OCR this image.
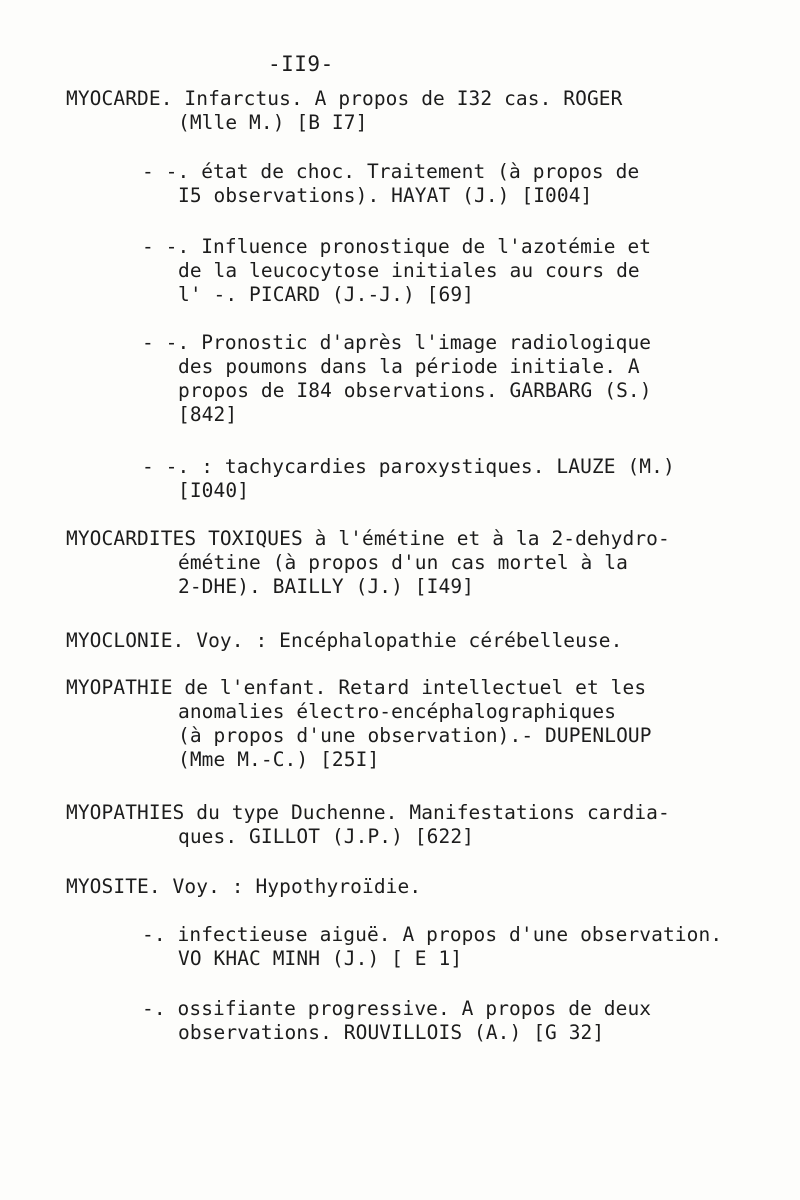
-II9-
MYOCARDE. Infarctus. A propos de I32 cas. ROGER
(Mlle M.) [B I7]
- -. état de choc. Traitement (à propos de
I5 observations). HAYAT (J.) [I004]
- -. Influence pronostique de l'azotémie et
de la leucocytose initiales au cours de
l' -. PICARD (J.-J.) [69]
- -. Pronostic d'après l'image radiologique
des poumons dans la période initiale. A
propos de I84 observations. GARBARG (S.)
[842]
- -. : tachycardies paroxystiques. LAUZE (M.)
[I040]
MYOCARDITES TOXIQUES à l'émétine et à la 2-dehydro-
émétine (à propos d'un cas mortel à la
2-DHE). BAILLY (J.) [I49]
MYOCLONIE. Voy. : Encéphalopathie cérébelleuse.
MYOPATHIE de l'enfant. Retard intellectuel et les
anomalies électro-encéphalographiques
(à propos d'une observation).- DUPENLOUP
(Mme M.-C.) [25I]
MYOPATHIES du type Duchenne. Manifestations cardia-
ques. GILLOT (J.P.) [622]
MYOSITE. Voy. : Hypothyroïdie.
-. infectieuse aiguë. A propos d'une observation.
VO KHAC MINH (J.) [ E 1]
-. ossifiante progressive. A propos de deux
observations. ROUVILLOIS (A.) [G 32]
